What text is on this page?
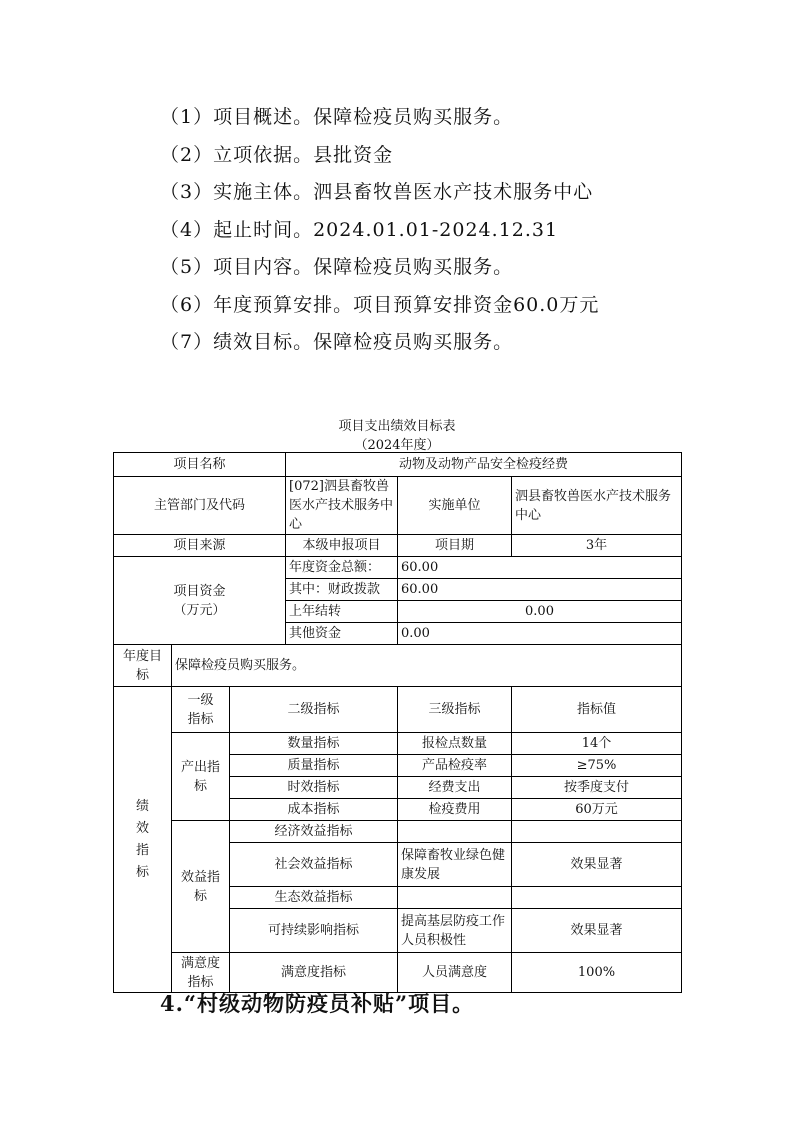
（1）项目概述。保障检疫员购买服务。

（2）立项依据。县批资金

（3）实施主体。泗县畜牧兽医水产技术服务中心

（4）起止时间。2024.01.01-2024.12.31

（5）项目内容。保障检疫员购买服务。

（6）年度预算安排。项目预算安排资金60.0万元

（7）绩效目标。保障检疫员购买服务。

项目支出绩效目标表

（2024年度）

项目名称			动物及动物产品安全检疫经费		
主管部门及代码			[072]泗县畜牧兽医水产技术服务中心	实施单位	泗县畜牧兽医水产技术服务中心
项目来源			本级申报项目	项目期	3年

项目资金
（万元）			年度资金总额：	60.00	
			其中：财政拨款	60.00	
			上年结转	0.00	
			其他资金	0.00	
年度目标	保障检疫员购买服务。				

绩效指标	一级指标	二级指标		三级指标	指标值
	产出指标	数量指标		报检点数量	14个
		质量指标		产品检疫率	≥75%
		时效指标		经费支出	按季度支付
		成本指标		检疫费用	60万元
	效益指标	经济效益指标			
		社会效益指标		保障畜牧业绿色健康发展	效果显著
		生态效益指标			
		可持续影响指标		提高基层防疫工作人员积极性	效果显著
	满意度指标	满意度指标		人员满意度	100%

4.“村级动物防疫员补贴”项目。
